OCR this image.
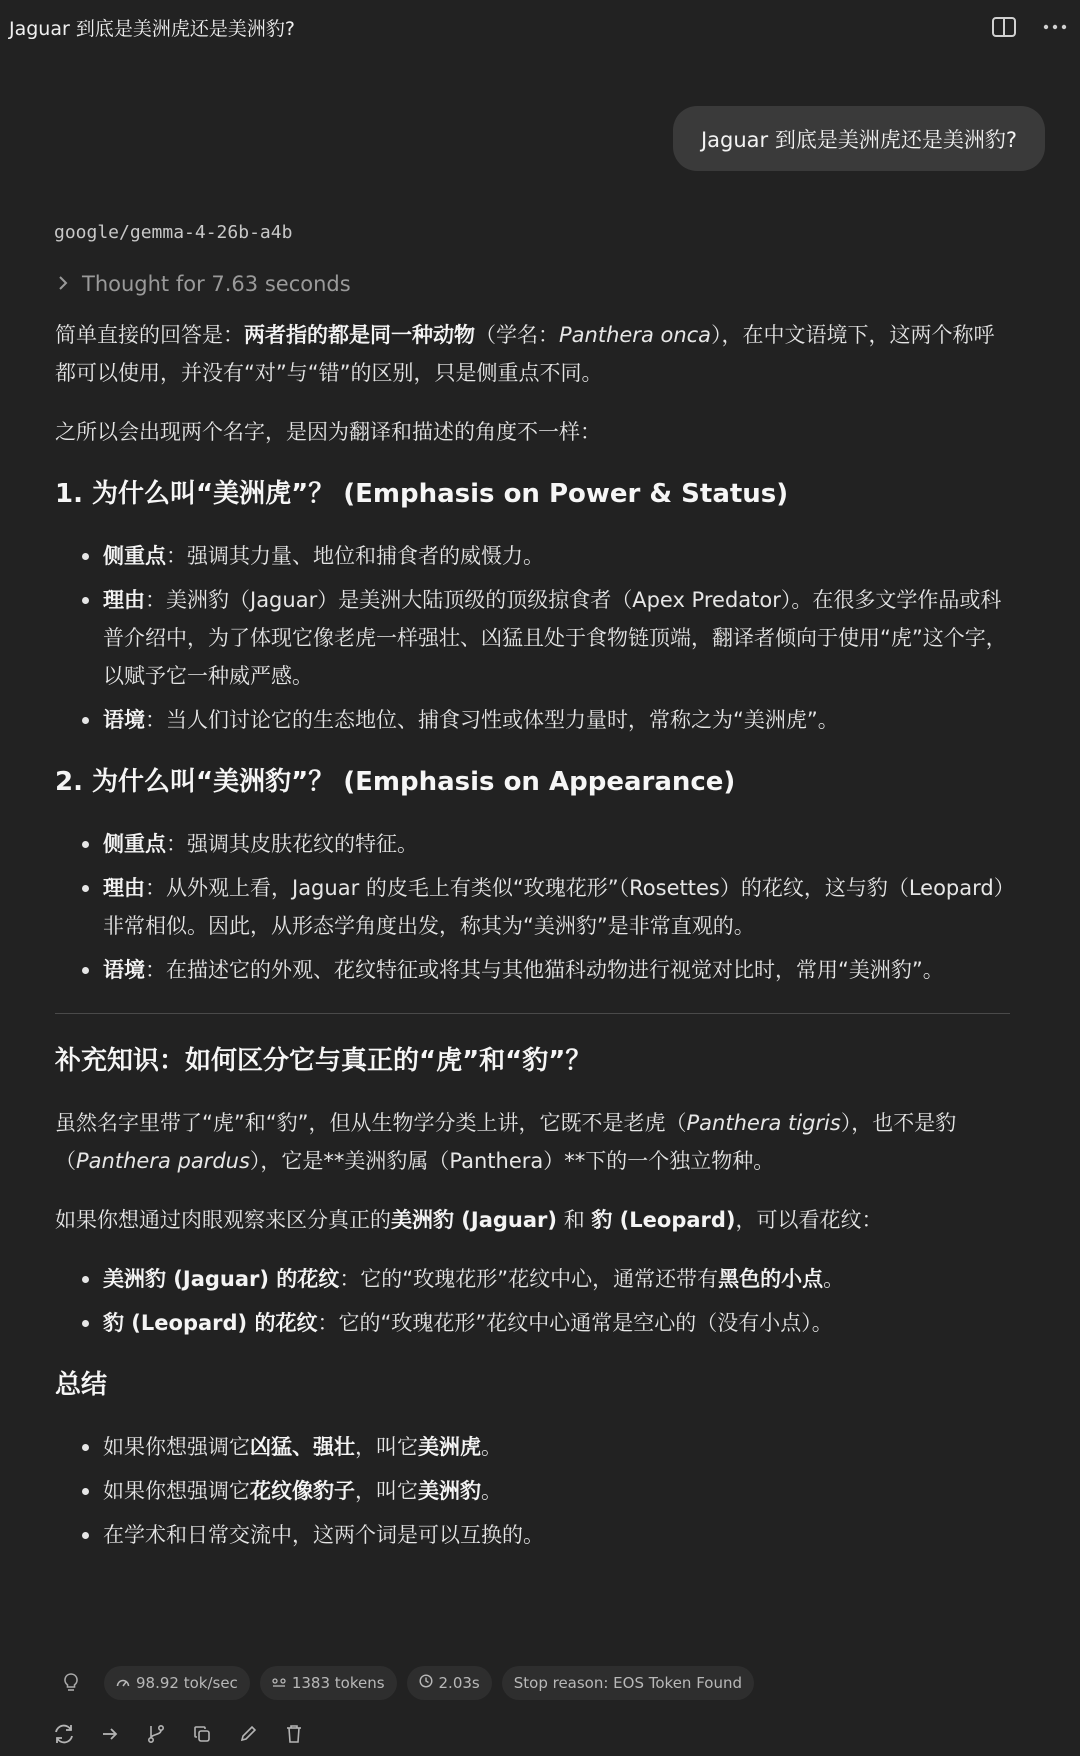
Jaguar 到底是美洲虎还是美洲豹?
Jaguar 到底是美洲虎还是美洲豹?
google/gemma-4-26b-a4b
Thought for 7.63 seconds

简单直接的回答是：两者指的都是同一种动物（学名：Panthera onca），在中文语境下，这两个称呼都可以使用，并没有“对”与“错”的区别，只是侧重点不同。

之所以会出现两个名字，是因为翻译和描述的角度不一样：

1. 为什么叫“美洲虎”？ (Emphasis on Power & Status)
侧重点：强调其力量、地位和捕食者的威慑力。
理由：美洲豹（Jaguar）是美洲大陆顶级的顶级掠食者（Apex Predator）。在很多文学作品或科普介绍中，为了体现它像老虎一样强壮、凶猛且处于食物链顶端，翻译者倾向于使用“虎”这个字，以赋予它一种威严感。
语境：当人们讨论它的生态地位、捕食习性或体型力量时，常称之为“美洲虎”。
2. 为什么叫“美洲豹”？ (Emphasis on Appearance)
侧重点：强调其皮肤花纹的特征。
理由：从外观上看，Jaguar 的皮毛上有类似“玫瑰花形”（Rosettes）的花纹，这与豹（Leopard）非常相似。因此，从形态学角度出发，称其为“美洲豹”是非常直观的。
语境：在描述它的外观、花纹特征或将其与其他猫科动物进行视觉对比时，常用“美洲豹”。
补充知识：如何区分它与真正的“虎”和“豹”？

虽然名字里带了“虎”和“豹”，但从生物学分类上讲，它既不是老虎（Panthera tigris），也不是豹（Panthera pardus），它是**美洲豹属（Panthera）**下的一个独立物种。

如果你想通过肉眼观察来区分真正的美洲豹 (Jaguar) 和 豹 (Leopard)，可以看花纹：

美洲豹 (Jaguar) 的花纹：它的“玫瑰花形”花纹中心，通常还带有黑色的小点。
豹 (Leopard) 的花纹：它的“玫瑰花形”花纹中心通常是空心的（没有小点）。
总结
如果你想强调它凶猛、强壮，叫它美洲虎。
如果你想强调它花纹像豹子，叫它美洲豹。
在学术和日常交流中，这两个词是可以互换的。
98.92 tok/sec	1383 tokens	2.03s Stop reason: EOS Token Found
